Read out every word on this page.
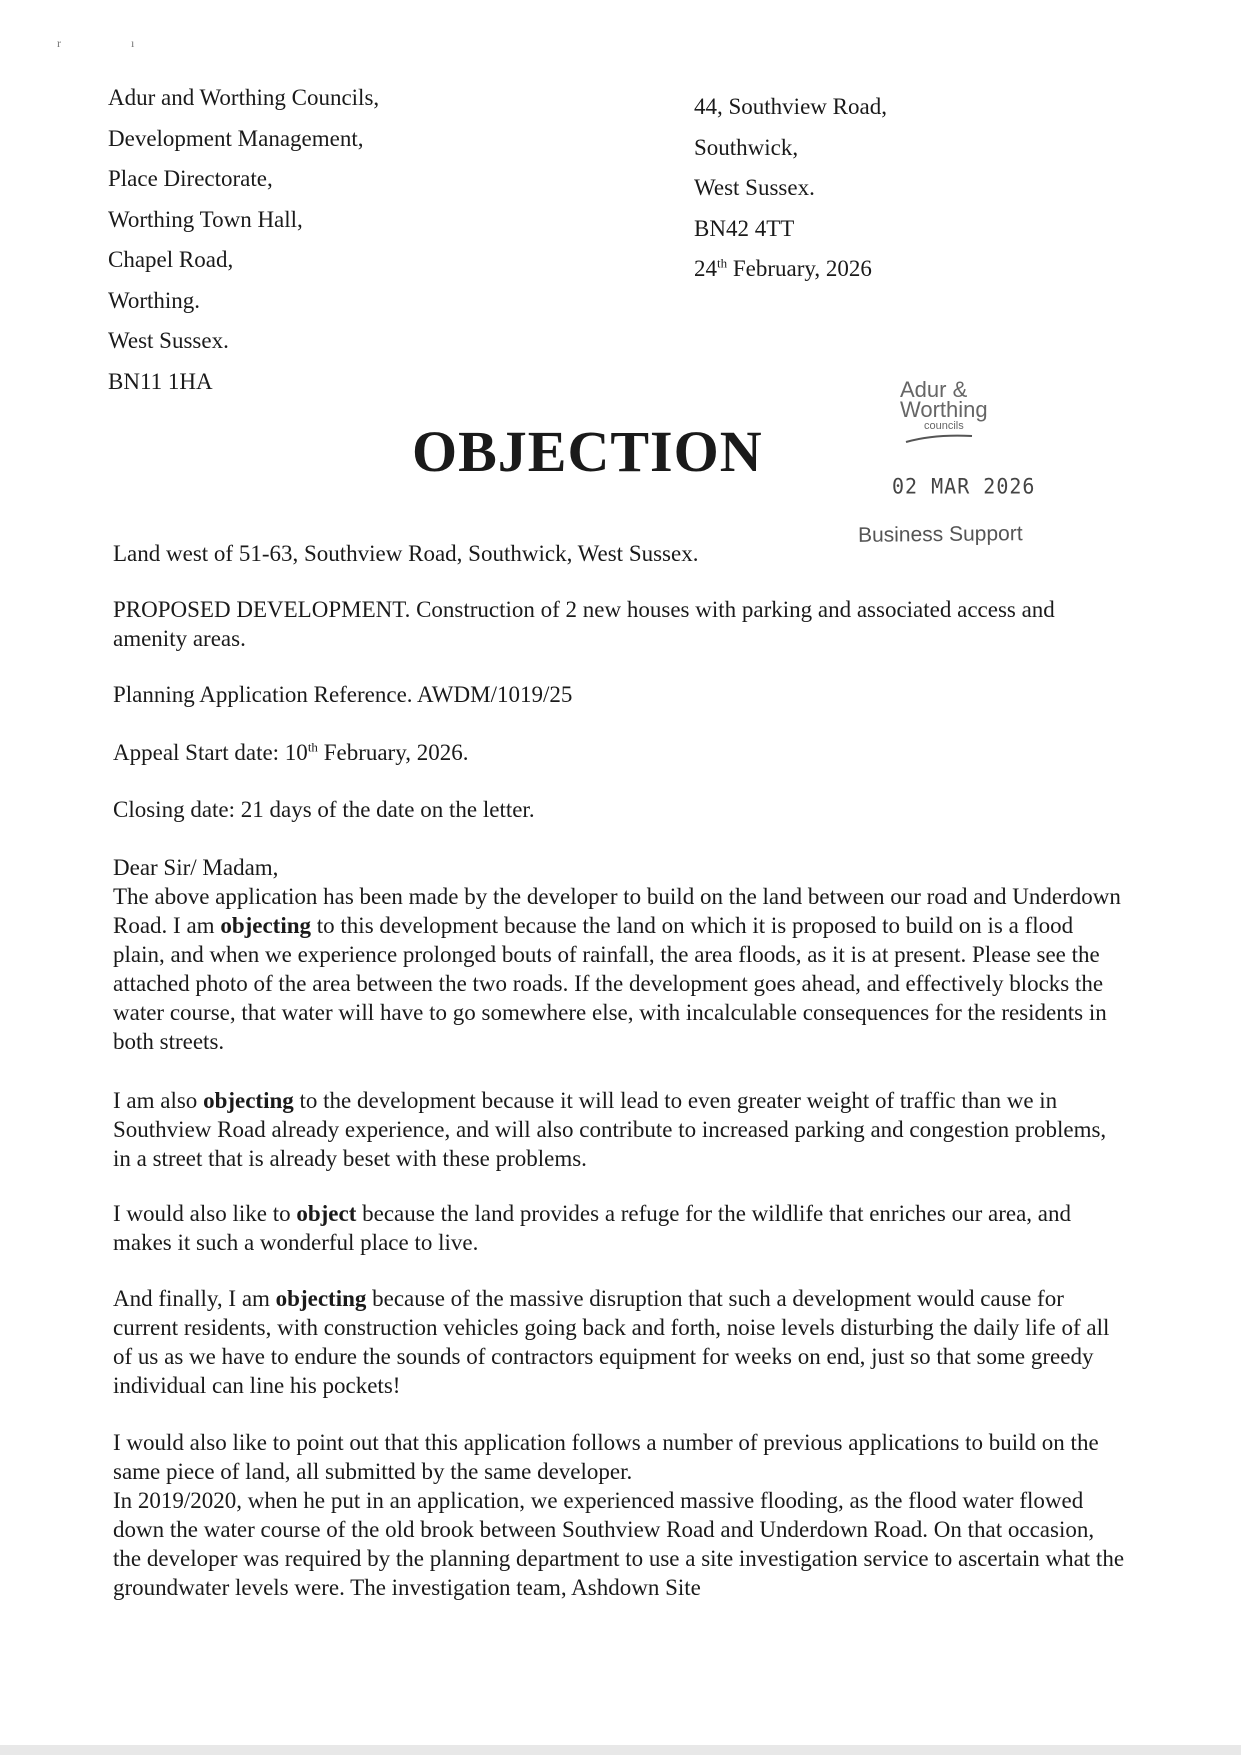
r	ı
Adur and Worthing Councils,
Development Management,
Place Directorate,
Worthing Town Hall,
Chapel Road,
Worthing.
West Sussex.
BN11 1HA
44, Southview Road,
Southwick,
West Sussex.
BN42 4TT
24th February, 2026
OBJECTION
Adur &
Worthing
councils
02 MAR 2026
Business Support
Land west of 51-63, Southview Road, Southwick, West Sussex.
PROPOSED DEVELOPMENT. Construction of 2 new houses with parking and associated access and amenity areas.
Planning Application Reference. AWDM/1019/25
Appeal Start date: 10th February, 2026.
Closing date: 21 days of the date on the letter.
Dear Sir/ Madam,

The above application has been made by the developer to build on the land between our road and Underdown Road. I am objecting to this development because the land on which it is proposed to build on is a flood plain, and when we experience prolonged bouts of rainfall, the area floods, as it is at present. Please see the attached photo of the area between the two roads. If the development goes ahead, and effectively blocks the water course, that water will have to go somewhere else, with incalculable consequences for the residents in both streets.

I am also objecting to the development because it will lead to even greater weight of traffic than we in Southview Road already experience, and will also contribute to increased parking and congestion problems, in a street that is already beset with these problems.

I would also like to object because the land provides a refuge for the wildlife that enriches our area, and makes it such a wonderful place to live.

And finally, I am objecting because of the massive disruption that such a development would cause for current residents, with construction vehicles going back and forth, noise levels disturbing the daily life of all of us as we have to endure the sounds of contractors equipment for weeks on end, just so that some greedy individual can line his pockets!

I would also like to point out that this application follows a number of previous applications to build on the same piece of land, all submitted by the same developer.

In 2019/2020, when he put in an application, we experienced massive flooding, as the flood water flowed down the water course of the old brook between Southview Road and Underdown Road. On that occasion, the developer was required by the planning department to use a site investigation service to ascertain what the groundwater levels were. The investigation team, Ashdown Site
